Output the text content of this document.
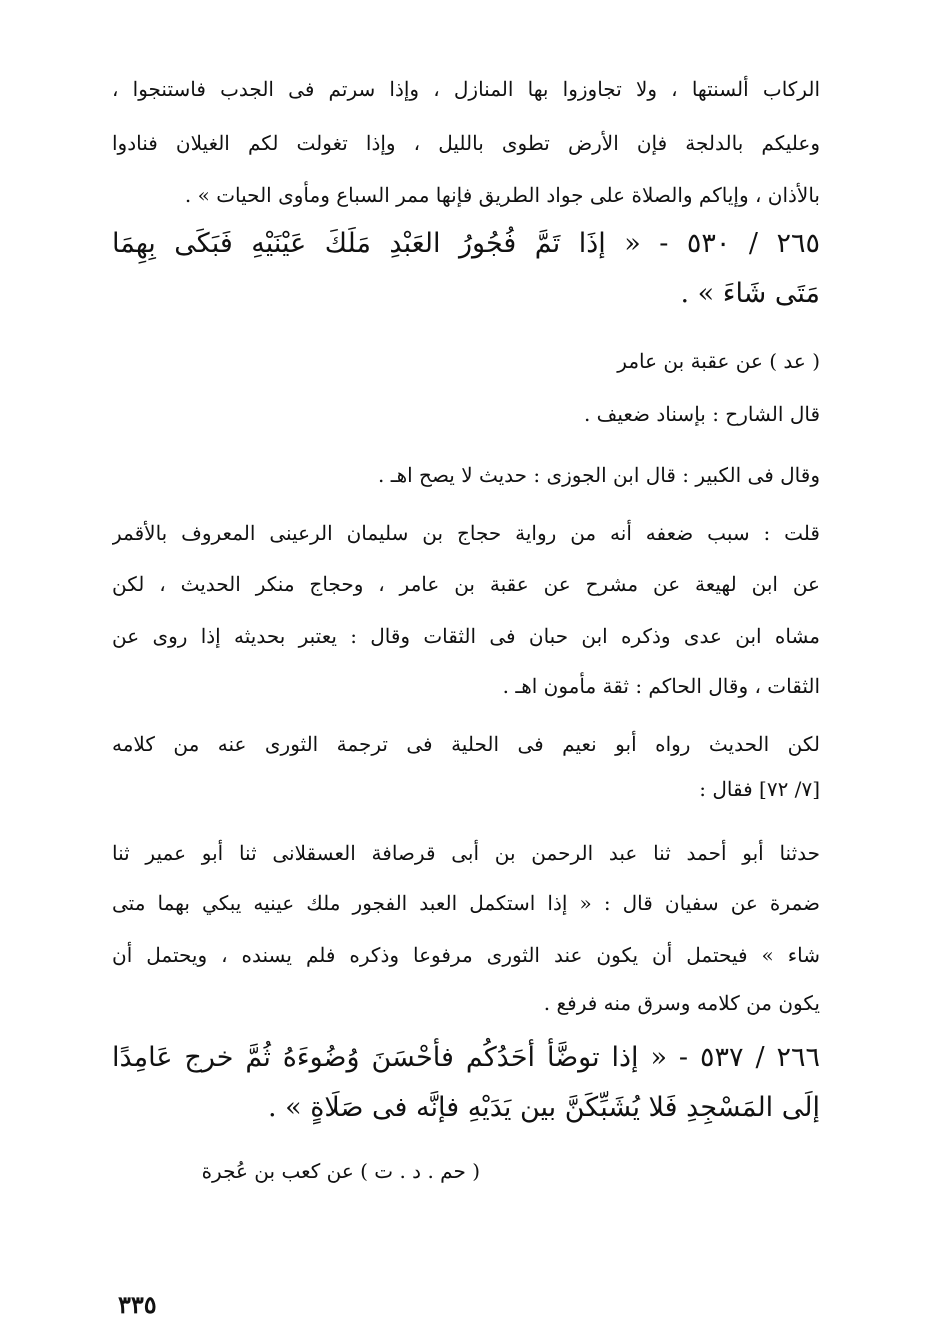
الركاب ألسنتها ، ولا تجاوزوا بها المنازل ، وإذا سرتم فى الجدب فاستنجوا ،
وعليكم بالدلجة فإن الأرض تطوى بالليل ، وإذا تغولت لكم الغيلان فنادوا
بالأذان ، وإياكم والصلاة على جواد الطريق فإنها ممر السباع ومأوى الحيات » .
٢٦٥ / ٥٣٠ - « إذَا تَمَّ فُجُورُ العَبْدِ مَلَكَ عَيْنَيْهِ فَبَكَى بِهِمَا
مَتَى شَاءَ » .
( عد ) عن عقبة بن عامر
قال الشارح : بإسناد ضعيف .
وقال فى الكبير : قال ابن الجوزى : حديث لا يصح اهـ .
قلت : سبب ضعفه أنه من رواية حجاج بن سليمان الرعينى المعروف بالأقمر
عن ابن لهيعة عن مشرح عن عقبة بن عامر ، وحجاج منكر الحديث ، لكن
مشاه ابن عدى وذكره ابن حبان فى الثقات وقال : يعتبر بحديثه إذا روى عن
الثقات ، وقال الحاكم : ثقة مأمون اهـ .
لكن الحديث رواه أبو نعيم فى الحلية فى ترجمة الثورى عنه من كلامه
[٧/ ٧٢] فقال :
حدثنا أبو أحمد ثنا عبد الرحمن بن أبى قرصافة العسقلانى ثنا أبو عمير ثنا
ضمرة عن سفيان قال : « إذا استكمل العبد الفجور ملك عينيه يبكي بهما متى
شاء » فيحتمل أن يكون عند الثورى مرفوعا وذكره فلم يسنده ، ويحتمل أن
يكون من كلامه وسرق منه فرفع .
٢٦٦ / ٥٣٧ - « إذا توضَّأ أحَدُكُم فأحْسَنَ وُضُوءَهُ ثُمَّ خرج عَامِدًا
إلَى المَسْجِدِ فَلا يُشَبِّكَنَّ بين يَدَيْهِ فإنَّه فى صَلَاةٍ » .
( حم . د . ت ) عن كعب بن عُجرة
٣٣٥
